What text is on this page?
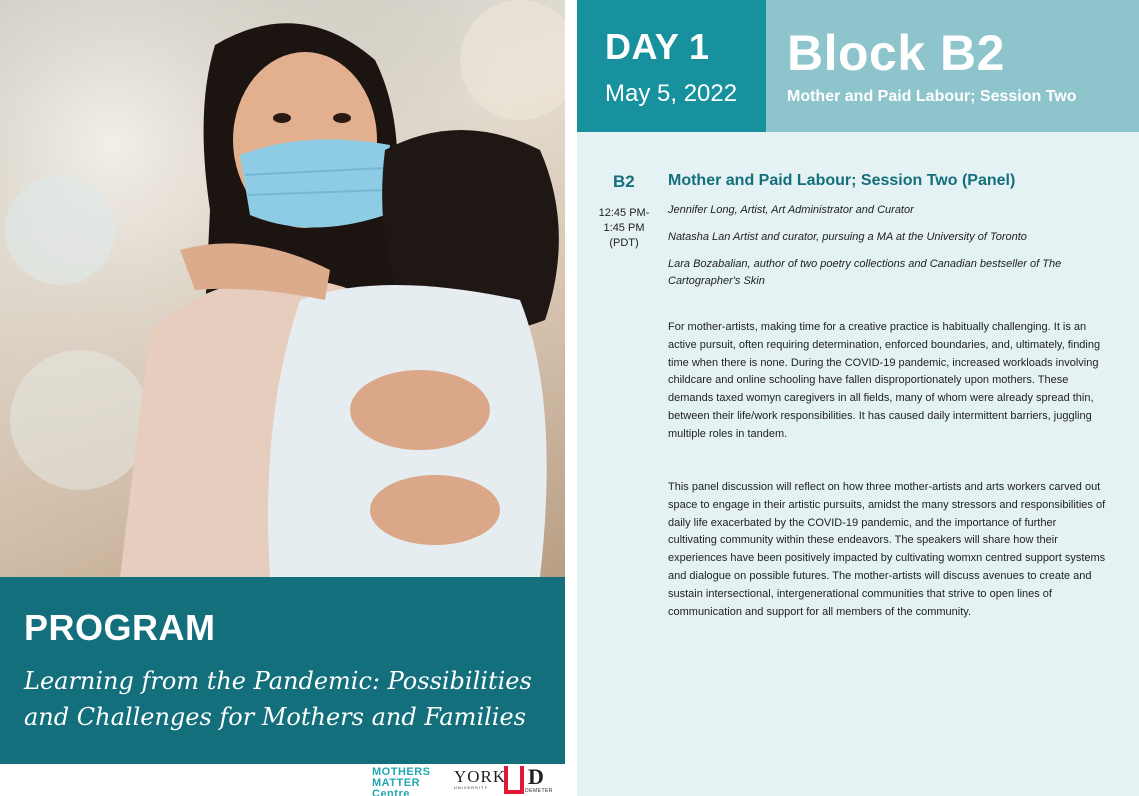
PROGRAM
Learning from the Pandemic: Possibilities and Challenges for Mothers and Families
MOTHERS MATTER Centre
YORK
UNIVERSITY	D
DEMETER
DAY 1
May 5, 2022
Block B2
Mother and Paid Labour; Session Two
B2
12:45 PM- 1:45 PM (PDT)
Mother and Paid Labour; Session Two (Panel)
Jennifer Long, Artist, Art Administrator and Curator
Natasha Lan Artist and curator, pursuing a MA at the University of Toronto
Lara Bozabalian, author of two poetry collections and Canadian bestseller of The Cartographer's Skin
For mother-artists, making time for a creative practice is habitually challenging. It is an active pursuit, often requiring determination, enforced boundaries, and, ultimately, finding time when there is none. During the COVID-19 pandemic, increased workloads involving childcare and online schooling have fallen disproportionately upon mothers. These demands taxed womyn caregivers in all fields, many of whom were already spread thin, between their life/work responsibilities. It has caused daily intermittent barriers, juggling multiple roles in tandem.
This panel discussion will reflect on how three mother-artists and arts workers carved out space to engage in their artistic pursuits, amidst the many stressors and responsibilities of daily life exacerbated by the COVID-19 pandemic, and the importance of further cultivating community within these endeavors. The speakers will share how their experiences have been positively impacted by cultivating womxn centred support systems and dialogue on possible futures. The mother-artists will discuss avenues to create and sustain intersectional, intergenerational communities that strive to open lines of communication and support for all members of the community.
